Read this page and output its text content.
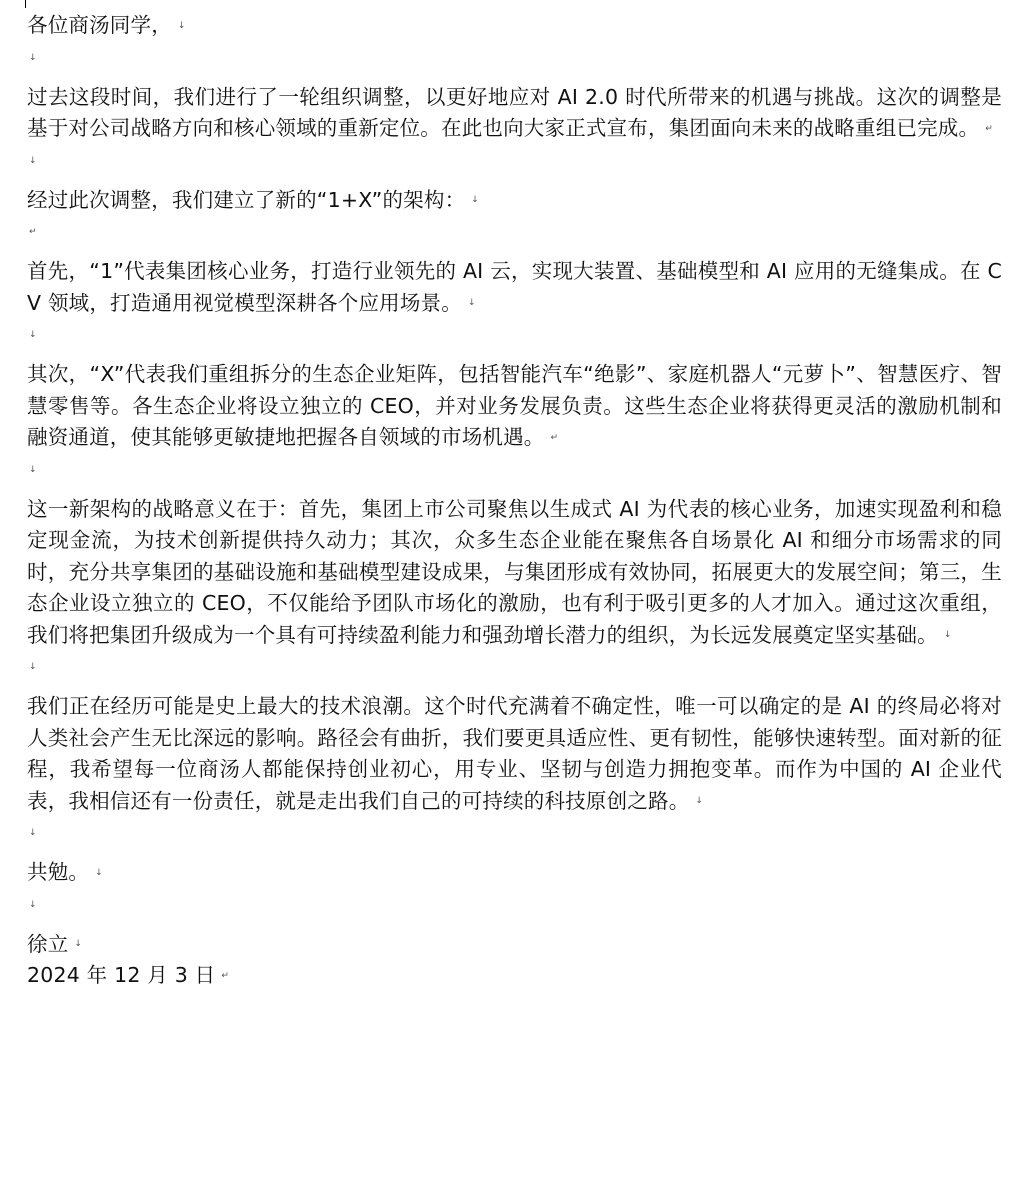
各位商汤同学， ↓

↓

过去这段时间，我们进行了一轮组织调整，以更好地应对 AI 2.0 时代所带来的机遇与挑战。这次的调整是基于对公司战略方向和核心领域的重新定位。在此也向大家正式宣布，集团面向未来的战略重组已完成。 ↵

↓

经过此次调整，我们建立了新的“1+X”的架构： ↓

↵

首先，“1”代表集团核心业务，打造行业领先的 AI 云，实现大装置、基础模型和 AI 应用的无缝集成。在 CV 领域，打造通用视觉模型深耕各个应用场景。 ↓

↓

其次，“X”代表我们重组拆分的生态企业矩阵，包括智能汽车“绝影”、家庭机器人“元萝卜”、智慧医疗、智慧零售等。各生态企业将设立独立的 CEO，并对业务发展负责。这些生态企业将获得更灵活的激励机制和融资通道，使其能够更敏捷地把握各自领域的市场机遇。 ↵

↓

这一新架构的战略意义在于：首先，集团上市公司聚焦以生成式 AI 为代表的核心业务，加速实现盈利和稳定现金流，为技术创新提供持久动力；其次，众多生态企业能在聚焦各自场景化 AI 和细分市场需求的同时，充分共享集团的基础设施和基础模型建设成果，与集团形成有效协同，拓展更大的发展空间；第三，生态企业设立独立的 CEO，不仅能给予团队市场化的激励，也有利于吸引更多的人才加入。通过这次重组，我们将把集团升级成为一个具有可持续盈利能力和强劲增长潜力的组织，为长远发展奠定坚实基础。 ↓

↓

我们正在经历可能是史上最大的技术浪潮。这个时代充满着不确定性，唯一可以确定的是 AI 的终局必将对人类社会产生无比深远的影响。路径会有曲折，我们要更具适应性、更有韧性，能够快速转型。面对新的征程，我希望每一位商汤人都能保持创业初心，用专业、坚韧与创造力拥抱变革。而作为中国的 AI 企业代表，我相信还有一份责任，就是走出我们自己的可持续的科技原创之路。 ↓

↓

共勉。 ↓

↓

徐立 ↓

2024 年 12 月 3 日 ↵
